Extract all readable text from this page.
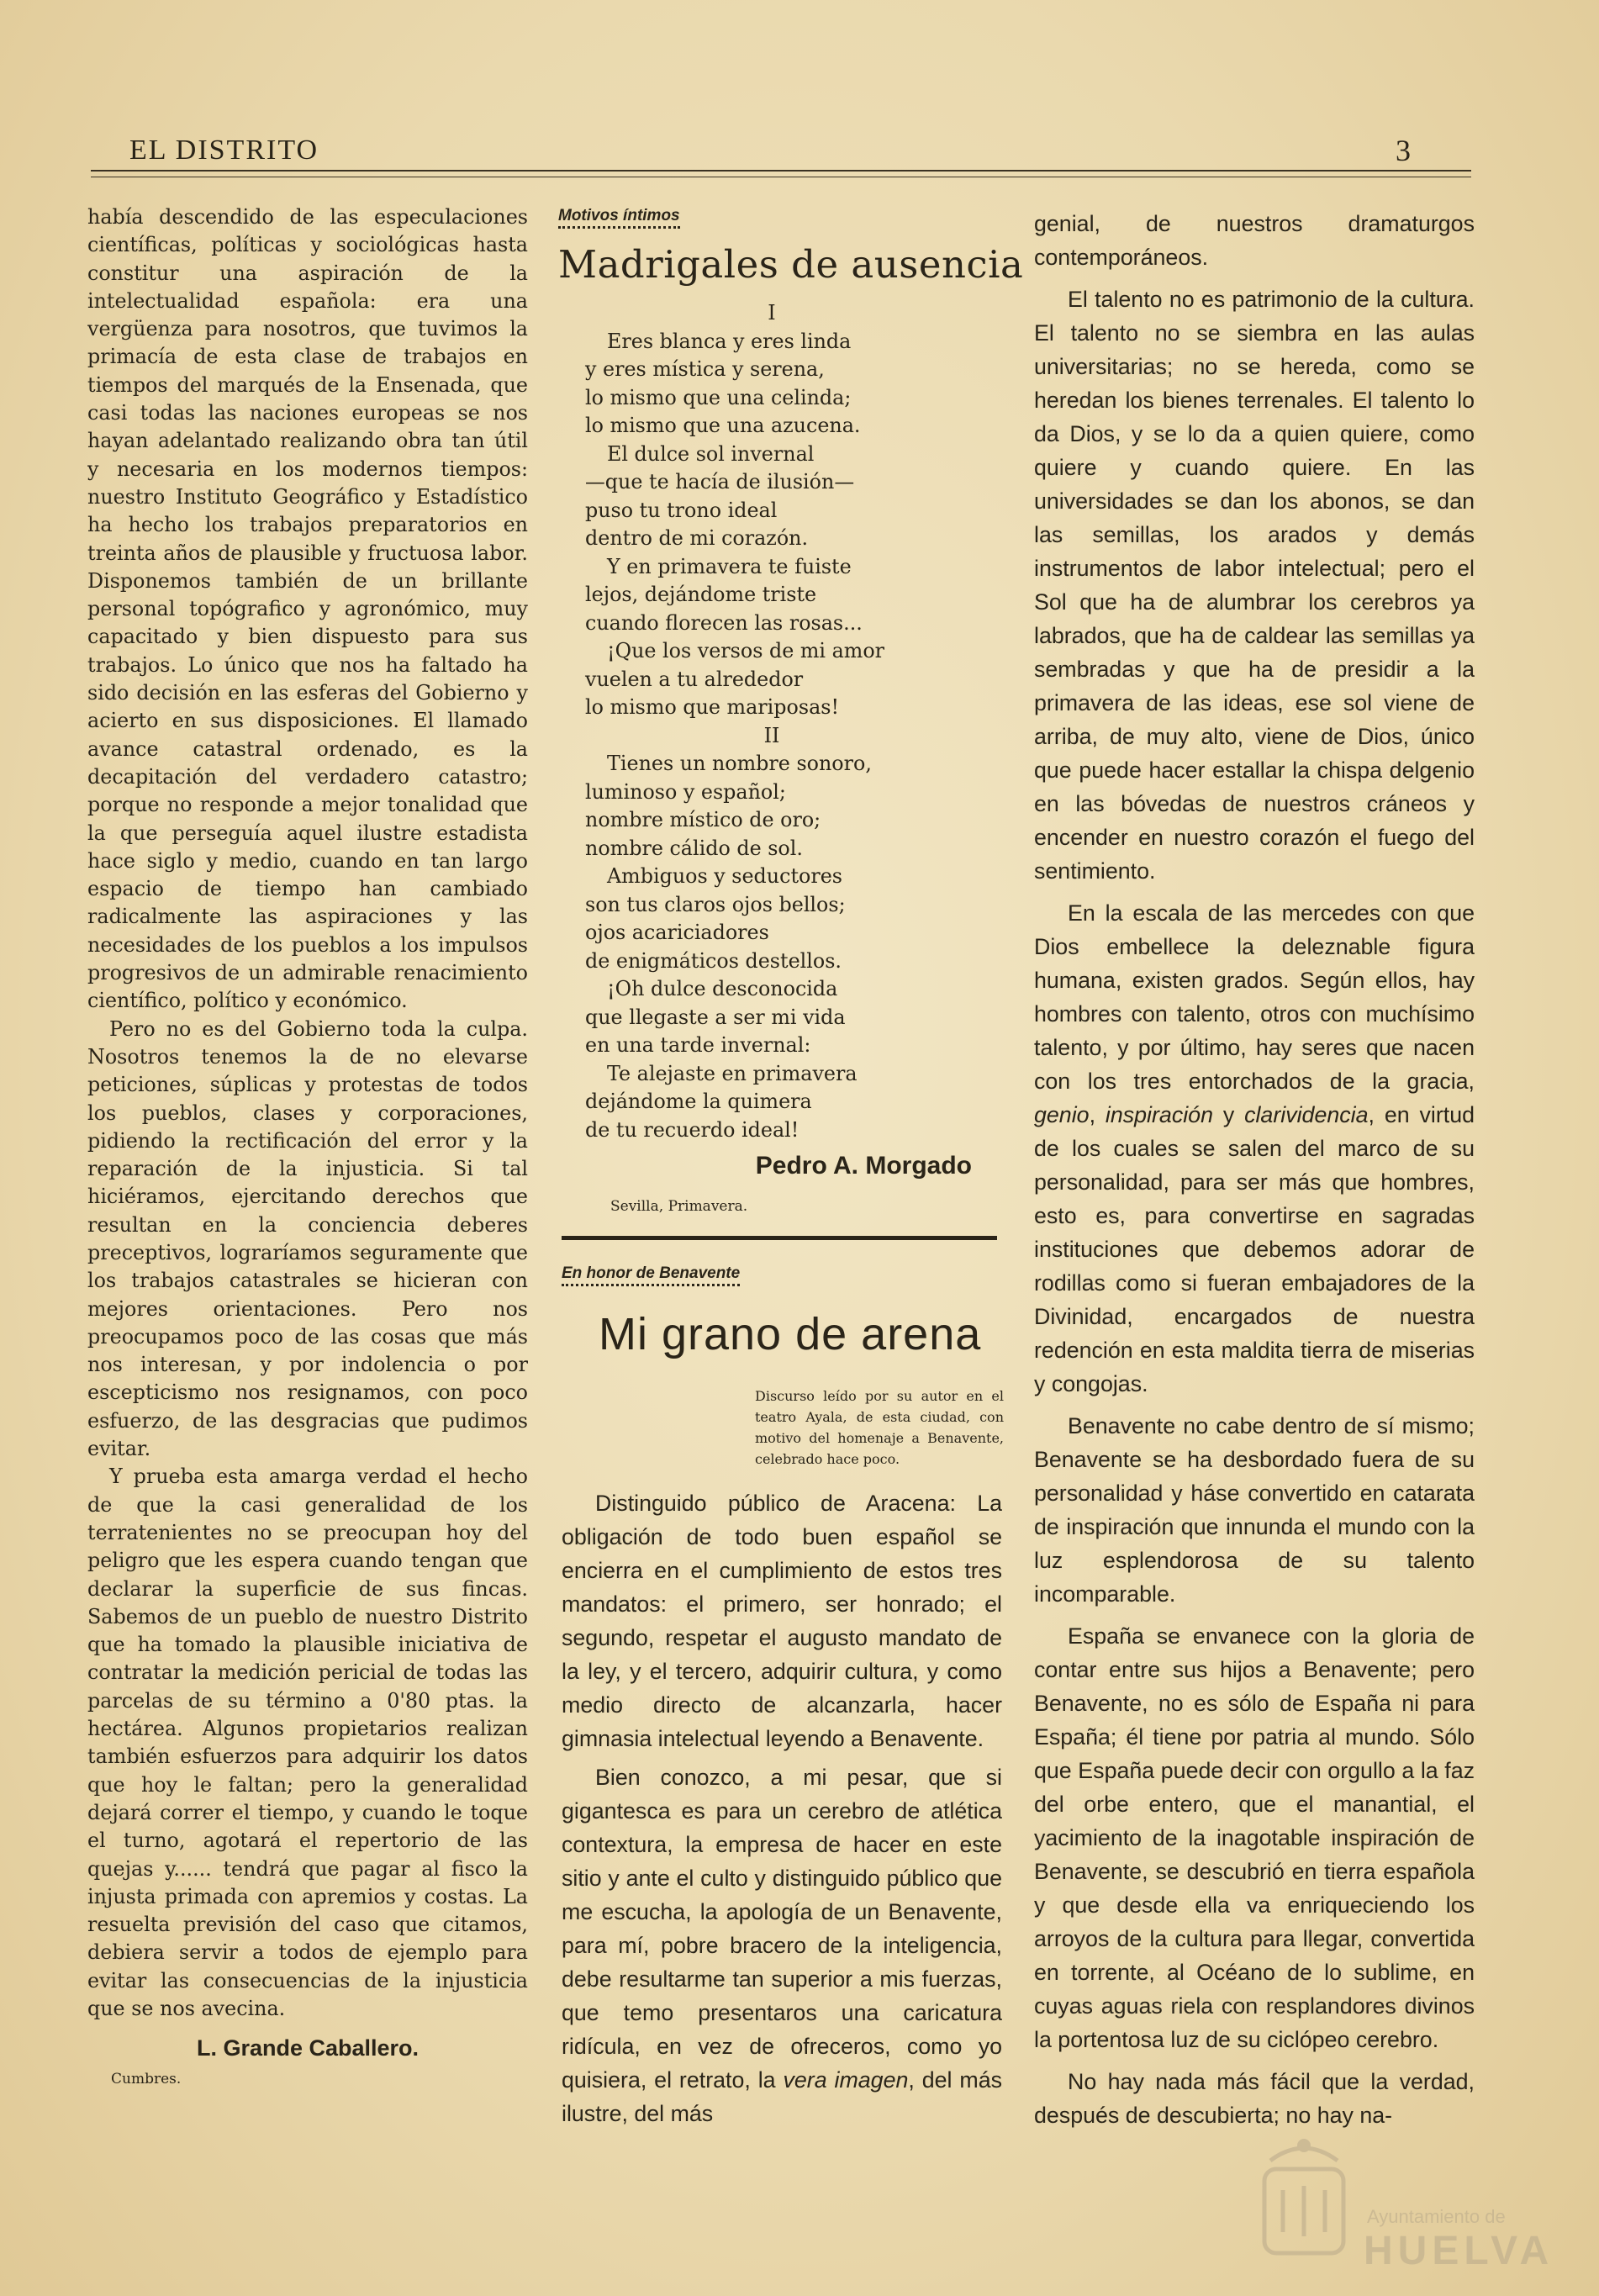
EL DISTRITO	3

había descendido de las especulaciones científicas, políticas y sociológicas hasta constitur una aspiración de la intelectualidad española: era una vergüenza para nosotros, que tuvimos la primacía de esta clase de trabajos en tiempos del marqués de la Ensenada, que casi todas las naciones europeas se nos hayan adelantado realizando obra tan útil y necesaria en los modernos tiempos: nuestro Instituto Geográfico y Estadístico ha hecho los trabajos preparatorios en treinta años de plausible y fructuosa labor. Disponemos también de un brillante personal topógrafico y agronómico, muy capacitado y bien dispuesto para sus trabajos. Lo único que nos ha faltado ha sido decisión en las esferas del Gobierno y acierto en sus disposiciones. El llamado avance catastral ordenado, es la decapitación del verdadero catastro; porque no responde a mejor tonalidad que la que perseguía aquel ilustre estadista hace siglo y medio, cuando en tan largo espacio de tiempo han cambiado radicalmente las aspiraciones y las necesidades de los pueblos a los impulsos progresivos de un admirable renacimiento científico, político y económico.

Pero no es del Gobierno toda la culpa. Nosotros tenemos la de no elevarse peticiones, súplicas y protestas de todos los pueblos, clases y corporaciones, pidiendo la rectificación del error y la reparación de la injusticia. Si tal hiciéramos, ejercitando derechos que resultan en la conciencia deberes preceptivos, lograríamos seguramente que los trabajos catastrales se hicieran con mejores orientaciones. Pero nos preocupamos poco de las cosas que más nos interesan, y por indolencia o por escepticismo nos resignamos, con poco esfuerzo, de las desgracias que pudimos evitar.

Y prueba esta amarga verdad el hecho de que la casi generalidad de los terratenientes no se preocupan hoy del peligro que les espera cuando tengan que declarar la superficie de sus fincas. Sabemos de un pueblo de nuestro Distrito que ha tomado la plausible iniciativa de contratar la medición pericial de todas las parcelas de su término a 0'80 ptas. la hectárea. Algunos propietarios realizan también esfuerzos para adquirir los datos que hoy le faltan; pero la generalidad dejará correr el tiempo, y cuando le toque el turno, agotará el repertorio de las quejas y...... tendrá que pagar al fisco la injusta primada con apremios y costas. La resuelta previsión del caso que citamos, debiera servir a todos de ejemplo para evitar las consecuencias de la injusticia que se nos avecina.

L. Grande Caballero.
Cumbres.
Motivos íntimos
Madrigales de ausencia
I
Eres blanca y eres linda
y eres mística y serena,
lo mismo que una celinda;
lo mismo que una azucena.
El dulce sol invernal
—que te hacía de ilusión—
puso tu trono ideal
dentro de mi corazón.
Y en primavera te fuiste
lejos, dejándome triste
cuando florecen las rosas...
¡Que los versos de mi amor
vuelen a tu alrededor
lo mismo que mariposas!
II
Tienes un nombre sonoro,
luminoso y español;
nombre místico de oro;
nombre cálido de sol.
Ambiguos y seductores
son tus claros ojos bellos;
ojos acariciadores
de enigmáticos destellos.
¡Oh dulce desconocida
que llegaste a ser mi vida
en una tarde invernal:
Te alejaste en primavera
dejándome la quimera
de tu recuerdo ideal!
Pedro A. Morgado
Sevilla, Primavera.
En honor de Benavente
Mi grano de arena
Discurso leído por su autor en el teatro Ayala, de esta ciudad, con motivo del homenaje a Benavente, celebrado hace poco.

Distinguido público de Aracena: La obligación de todo buen español se encierra en el cumplimiento de estos tres mandatos: el primero, ser honrado; el segundo, respetar el augusto mandato de la ley, y el tercero, adquirir cultura, y como medio directo de alcanzarla, hacer gimnasia intelectual leyendo a Benavente.

Bien conozco, a mi pesar, que si gigantesca es para un cerebro de atlética contextura, la empresa de hacer en este sitio y ante el culto y distinguido público que me escucha, la apología de un Benavente, para mí, pobre bracero de la inteligencia, debe resultarme tan superior a mis fuerzas, que temo presentaros una caricatura ridícula, en vez de ofreceros, como yo quisiera, el retrato, la vera imagen, del más ilustre, del más

genial, de nuestros dramaturgos contemporáneos.

El talento no es patrimonio de la cultura. El talento no se siembra en las aulas universitarias; no se hereda, como se heredan los bienes terrenales. El talento lo da Dios, y se lo da a quien quiere, como quiere y cuando quiere. En las universidades se dan los abonos, se dan las semillas, los arados y demás instrumentos de labor intelectual; pero el Sol que ha de alumbrar los cerebros ya labrados, que ha de caldear las semillas ya sembradas y que ha de presidir a la primavera de las ideas, ese sol viene de arriba, de muy alto, viene de Dios, único que puede hacer estallar la chispa delgenio en las bóvedas de nuestros cráneos y encender en nuestro corazón el fuego del sentimiento.

En la escala de las mercedes con que Dios embellece la deleznable figura humana, existen grados. Según ellos, hay hombres con talento, otros con muchísimo talento, y por último, hay seres que nacen con los tres entorchados de la gracia, genio, inspiración y clarividencia, en virtud de los cuales se salen del marco de su personalidad, para ser más que hombres, esto es, para convertirse en sagradas instituciones que debemos adorar de rodillas como si fueran embajadores de la Divinidad, encargados de nuestra redención en esta maldita tierra de miserias y congojas.

Benavente no cabe dentro de sí mismo; Benavente se ha desbordado fuera de su personalidad y háse convertido en catarata de inspiración que innunda el mundo con la luz esplendorosa de su talento incomparable.

España se envanece con la gloria de contar entre sus hijos a Benavente; pero Benavente, no es sólo de España ni para España; él tiene por patria al mundo. Sólo que España puede decir con orgullo a la faz del orbe entero, que el manantial, el yacimiento de la inagotable inspiración de Benavente, se descubrió en tierra española y que desde ella va enriqueciendo los arroyos de la cultura para llegar, convertida en torrente, al Océano de lo sublime, en cuyas aguas riela con resplandores divinos la portentosa luz de su ciclópeo cerebro.

No hay nada más fácil que la verdad, después de descubierta; no hay na-

Ayuntamiento de
HUELVA
